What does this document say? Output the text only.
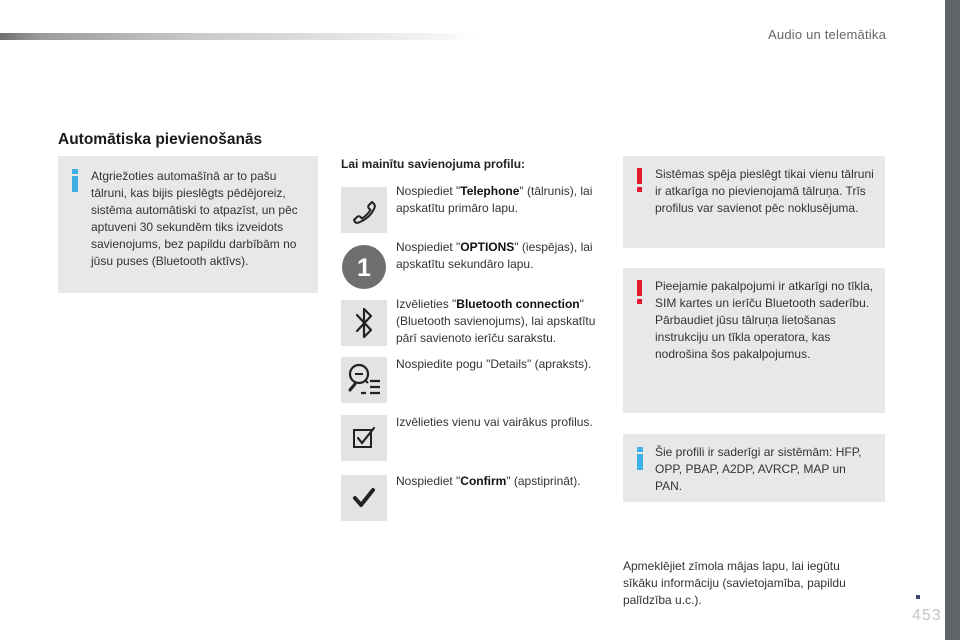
Audio un telemātika
Automātiska pievienošanās
Atgriežoties automašīnā ar to pašu tālruni, kas bijis pieslēgts pēdējoreiz, sistēma automātiski to atpazīst, un pēc aptuveni 30 sekundēm tiks izveidots savienojums, bez papildu darbībām no jūsu puses (Bluetooth aktīvs).
Lai mainītu savienojuma profilu:
Nospiediet "Telephone" (tālrunis), lai apskatītu primāro lapu.
1
Nospiediet "OPTIONS" (iespējas), lai apskatītu sekundāro lapu.
Izvēlieties "Bluetooth connection" (Bluetooth savienojums), lai apskatītu pārī savienoto ierīču sarakstu.
Nospiedite pogu "Details" (apraksts).
Izvēlieties vienu vai vairākus profilus.
Nospiediet "Confirm" (apstiprināt).
Sistēmas spēja pieslēgt tikai vienu tālruni ir atkarīga no pievienojamā tālruņa. Trīs profilus var savienot pēc noklusējuma.
Pieejamie pakalpojumi ir atkarīgi no tīkla, SIM kartes un ierīču Bluetooth saderību. Pārbaudiet jūsu tālruņa lietošanas instrukciju un tīkla operatora, kas nodrošina šos pakalpojumus.
Šie profili ir saderīgi ar sistēmām: HFP, OPP, PBAP, A2DP, AVRCP, MAP un PAN.
Apmeklējiet zīmola mājas lapu, lai iegūtu sīkāku informāciju (savietojamība, papildu palīdzība u.c.).
453
